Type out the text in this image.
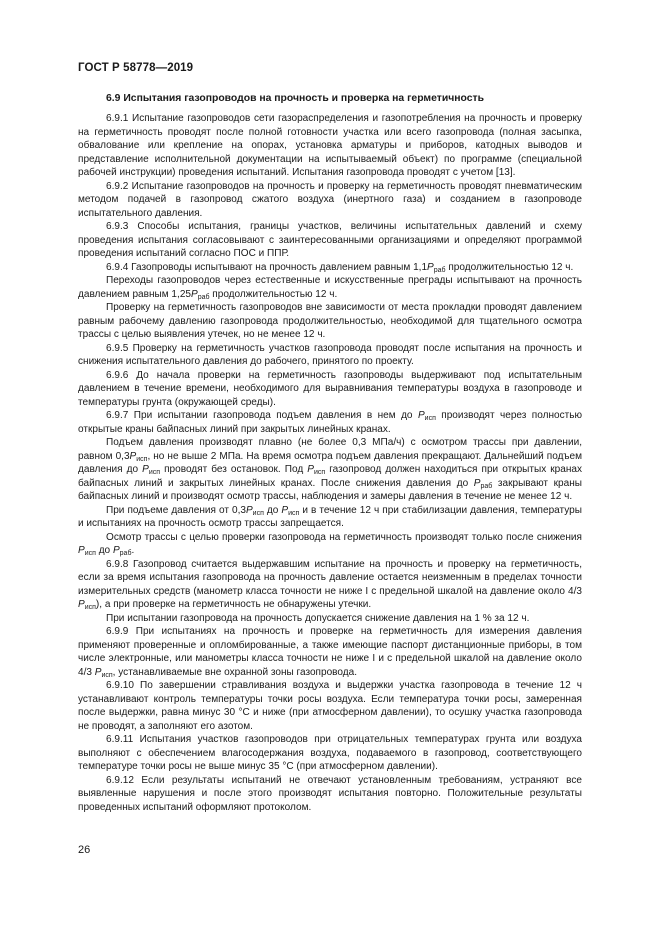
ГОСТ Р 58778—2019
6.9 Испытания газопроводов на прочность и проверка на герметичность

6.9.1 Испытание газопроводов сети газораспределения и газопотребления на прочность и проверку на герметичность проводят после полной готовности участка или всего газопровода (полная засыпка, обвалование или крепление на опорах, установка арматуры и приборов, катодных выводов и представление исполнительной документации на испытываемый объект) по программе (специальной рабочей инструкции) проведения испытаний. Испытания газопровода проводят с учетом [13].

6.9.2 Испытание газопроводов на прочность и проверку на герметичность проводят пневматическим методом подачей в газопровод сжатого воздуха (инертного газа) и созданием в газопроводе испытательного давления.

6.9.3 Способы испытания, границы участков, величины испытательных давлений и схему проведения испытания согласовывают с заинтересованными организациями и определяют программой проведения испытаний согласно ПОС и ППР.

6.9.4 Газопроводы испытывают на прочность давлением равным $1,1P_{раб}$ продолжительностью 12 ч.

Переходы газопроводов через естественные и искусственные преграды испытывают на прочность давлением равным $1,25P_{раб}$ продолжительностью 12 ч.

Проверку на герметичность газопроводов вне зависимости от места прокладки проводят давлением равным рабочему давлению газопровода продолжительностью, необходимой для тщательного осмотра трассы с целью выявления утечек, но не менее 12 ч.

6.9.5 Проверку на герметичность участков газопровода проводят после испытания на прочность и снижения испытательного давления до рабочего, принятого по проекту.

6.9.6 До начала проверки на герметичность газопроводы выдерживают под испытательным давлением в течение времени, необходимого для выравнивания температуры воздуха в газопроводе и температуры грунта (окружающей среды).

6.9.7 При испытании газопровода подъем давления в нем до $P_{исп}$ производят через полностью открытые краны байпасных линий при закрытых линейных кранах.

Подъем давления производят плавно (не более 0,3 МПа/ч) с осмотром трассы при давлении, равном $0,3P_{исп}$, но не выше 2 МПа. На время осмотра подъем давления прекращают. Дальнейший подъем давления до $P_{исп}$ проводят без остановок. Под $P_{исп}$ газопровод должен находиться при открытых кранах байпасных линий и закрытых линейных кранах. После снижения давления до $P_{раб}$ закрывают краны байпасных линий и производят осмотр трассы, наблюдения и замеры давления в течение не менее 12 ч.

При подъеме давления от $0,3P_{исп}$ до $P_{исп}$ и в течение 12 ч при стабилизации давления, температуры и испытаниях на прочность осмотр трассы запрещается.

Осмотр трассы с целью проверки газопровода на герметичность производят только после снижения $P_{исп}$ до $P_{раб}$.

6.9.8 Газопровод считается выдержавшим испытание на прочность и проверку на герметичность, если за время испытания газопровода на прочность давление остается неизменным в пределах точности измерительных средств (манометр класса точности не ниже I с предельной шкалой на давление около 4/3 $P_{исп}$), а при проверке на герметичность не обнаружены утечки.

При испытании газопровода на прочность допускается снижение давления на 1 % за 12 ч.

6.9.9 При испытаниях на прочность и проверке на герметичность для измерения давления применяют проверенные и опломбированные, а также имеющие паспорт дистанционные приборы, в том числе электронные, или манометры класса точности не ниже I и с предельной шкалой на давление около 4/3 $P_{исп}$, устанавливаемые вне охранной зоны газопровода.

6.9.10 По завершении стравливания воздуха и выдержки участка газопровода в течение 12 ч устанавливают контроль температуры точки росы воздуха. Если температура точки росы, замеренная после выдержки, равна минус 30 °С и ниже (при атмосферном давлении), то осушку участка газопровода не проводят, а заполняют его азотом.

6.9.11 Испытания участков газопроводов при отрицательных температурах грунта или воздуха выполняют с обеспечением влагосодержания воздуха, подаваемого в газопровод, соответствующего температуре точки росы не выше минус 35 °С (при атмосферном давлении).

6.9.12 Если результаты испытаний не отвечают установленным требованиям, устраняют все выявленные нарушения и после этого производят испытания повторно. Положительные результаты проведенных испытаний оформляют протоколом.

26
